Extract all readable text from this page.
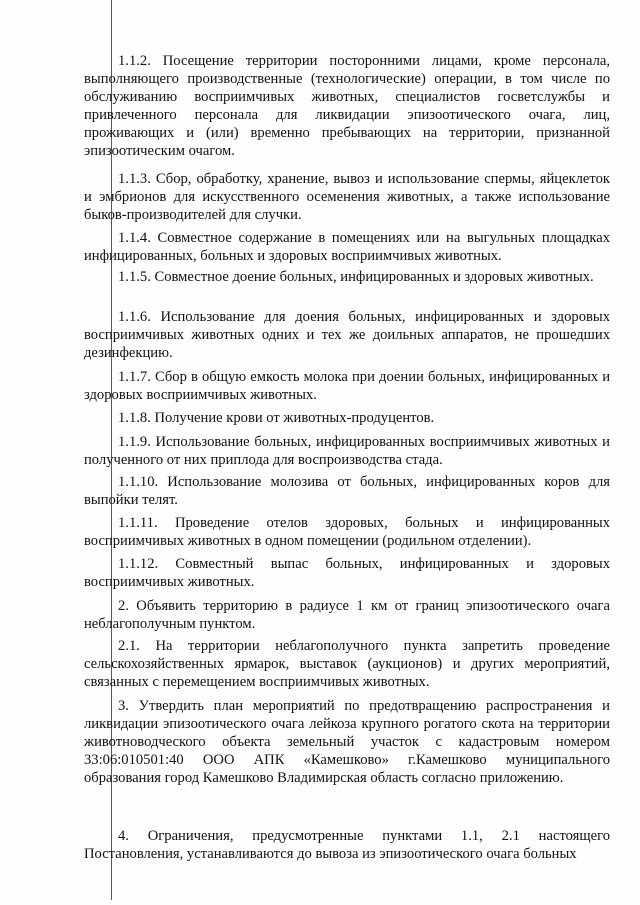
1.1.2. Посещение территории посторонними лицами, кроме персонала, выполняющего производственные (технологические) операции, в том числе по обслуживанию восприимчивых животных, специалистов госветслужбы и привлеченного персонала для ликвидации эпизоотического очага, лиц, проживающих и (или) временно пребывающих на территории, признанной эпизоотическим очагом.

1.1.3. Сбор, обработку, хранение, вывоз и использование спермы, яйцеклеток и эмбрионов для искусственного осеменения животных, а также использование быков-производителей для случки.

1.1.4. Совместное содержание в помещениях или на выгульных площадках инфицированных, больных и здоровых восприимчивых животных.

1.1.5. Совместное доение больных, инфицированных и здоровых животных.

1.1.6. Использование для доения больных, инфицированных и здоровых восприимчивых животных одних и тех же доильных аппаратов, не прошедших дезинфекцию.

1.1.7. Сбор в общую емкость молока при доении больных, инфицированных и здоровых восприимчивых животных.

1.1.8. Получение крови от животных-продуцентов.

1.1.9. Использование больных, инфицированных восприимчивых животных и полученного от них приплода для воспроизводства стада.

1.1.10. Использование молозива от больных, инфицированных коров для выпойки телят.

1.1.11. Проведение отелов здоровых, больных и инфицированных восприимчивых животных в одном помещении (родильном отделении).

1.1.12. Совместный выпас больных, инфицированных и здоровых восприимчивых животных.

2. Объявить территорию в радиусе 1 км от границ эпизоотического очага неблагополучным пунктом.

2.1. На территории неблагополучного пункта запретить проведение сельскохозяйственных ярмарок, выставок (аукционов) и других мероприятий, связанных с перемещением восприимчивых животных.

3. Утвердить план мероприятий по предотвращению распространения и ликвидации эпизоотического очага лейкоза крупного рогатого скота на территории животноводческого объекта земельный участок с кадастровым номером 33:06:010501:40 ООО АПК «Камешково» г.Камешково муниципального образования город Камешково Владимирская область согласно приложению.

4. Ограничения, предусмотренные пунктами 1.1, 2.1 настоящего Постановления, устанавливаются до вывоза из эпизоотического очага больных
